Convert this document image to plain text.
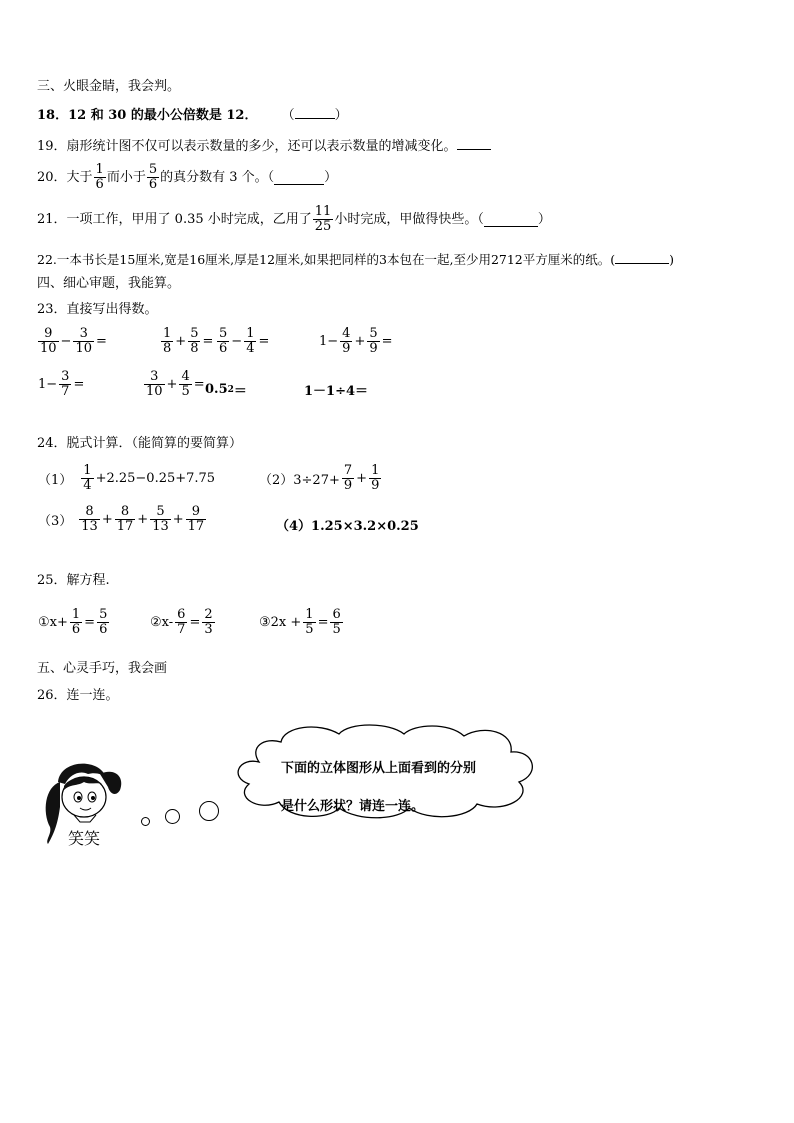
三、火眼金睛，我会判。
18．12 和 30 的最小公倍数是 12． （	）
19．扇形统计图不仅可以表示数量的多少，还可以表示数量的增减变化。
20．大于 $\frac{1}{6}$ 而小于 $\frac{5}{6}$ 的真分数有 3 个。（	）
21．一项工作，甲用了 0.35 小时完成，乙用了 $\frac{11}{25}$ 小时完成，甲做得快些。（	）
22.一本书长是15厘米,宽是16厘米,厚是12厘米,如果把同样的3本包在一起,至少用2712平方厘米的纸。(	)
四、细心审题，我能算。
23．直接写出得数。
$\frac{9}{10} - \frac{3}{10}$ =	$\frac{1}{8} + \frac{5}{8} = \frac{5}{6} - \frac{1}{4}$ =	$1- \frac{4}{9} + \frac{5}{9}$ =
$1- \frac{3}{7}$ =	$\frac{3}{10} + \frac{4}{5} = 0.5$ 2 ＝	1－1÷4＝
24．脱式计算．（能简算的要简算）
$(1) \frac{1}{4} +2.25-0.25+7.75$	$(2)3\div 27+ \frac{7}{9} + \frac{1}{9}$
$(3) \frac{8}{13} + \frac{8}{17} + \frac{5}{13} + \frac{9}{17}$	（4）1.25×3.2×0.25
25．解方程.
①x+ $\frac{1}{6} = \frac{5}{6}$	②x- $\frac{6}{7} = \frac{2}{3}$	③2x + $\frac{1}{5} = \frac{6}{5}$
五、心灵手巧，我会画
26．连一连。
下面的立体图形从上面看到的分别
是什么形状？请连一连。
笑笑
